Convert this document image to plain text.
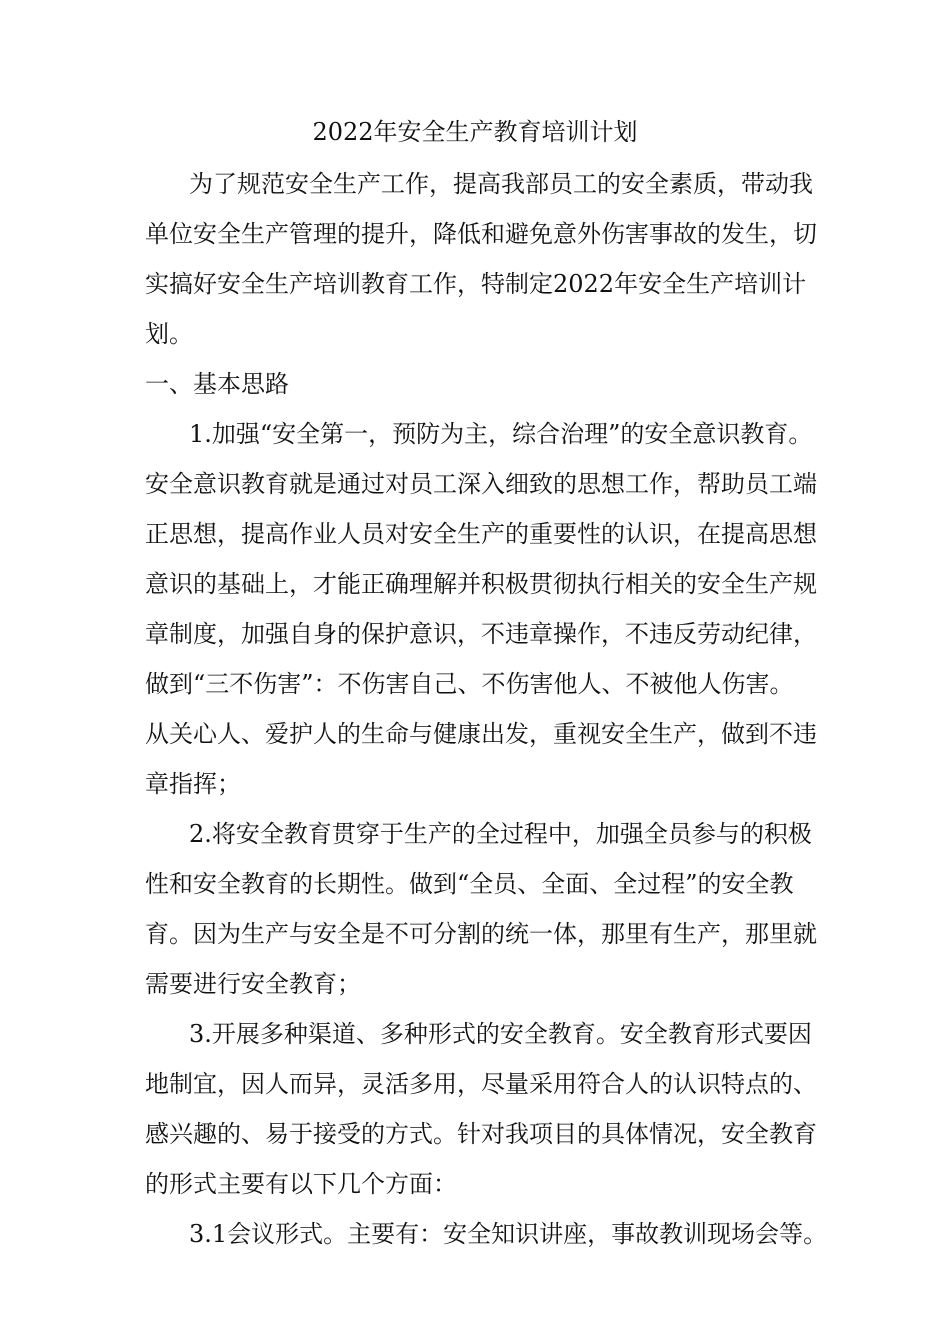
2022年安全生产教育培训计划
为了规范安全生产工作，提高我部员工的安全素质，带动我
单位安全生产管理的提升，降低和避免意外伤害事故的发生，切
实搞好安全生产培训教育工作，特制定2022年安全生产培训计
划。
一、基本思路
1.加强“安全第一，预防为主，综合治理”的安全意识教育。
安全意识教育就是通过对员工深入细致的思想工作，帮助员工端
正思想，提高作业人员对安全生产的重要性的认识，在提高思想
意识的基础上，才能正确理解并积极贯彻执行相关的安全生产规
章制度，加强自身的保护意识，不违章操作，不违反劳动纪律，
做到“三不伤害”：不伤害自己、不伤害他人、不被他人伤害。
从关心人、爱护人的生命与健康出发，重视安全生产，做到不违
章指挥；
2.将安全教育贯穿于生产的全过程中，加强全员参与的积极
性和安全教育的长期性。做到“全员、全面、全过程”的安全教
育。因为生产与安全是不可分割的统一体，那里有生产，那里就
需要进行安全教育；
3.开展多种渠道、多种形式的安全教育。安全教育形式要因
地制宜，因人而异，灵活多用，尽量采用符合人的认识特点的、
感兴趣的、易于接受的方式。针对我项目的具体情况，安全教育
的形式主要有以下几个方面：
3.1会议形式。主要有：安全知识讲座，事故教训现场会等。
